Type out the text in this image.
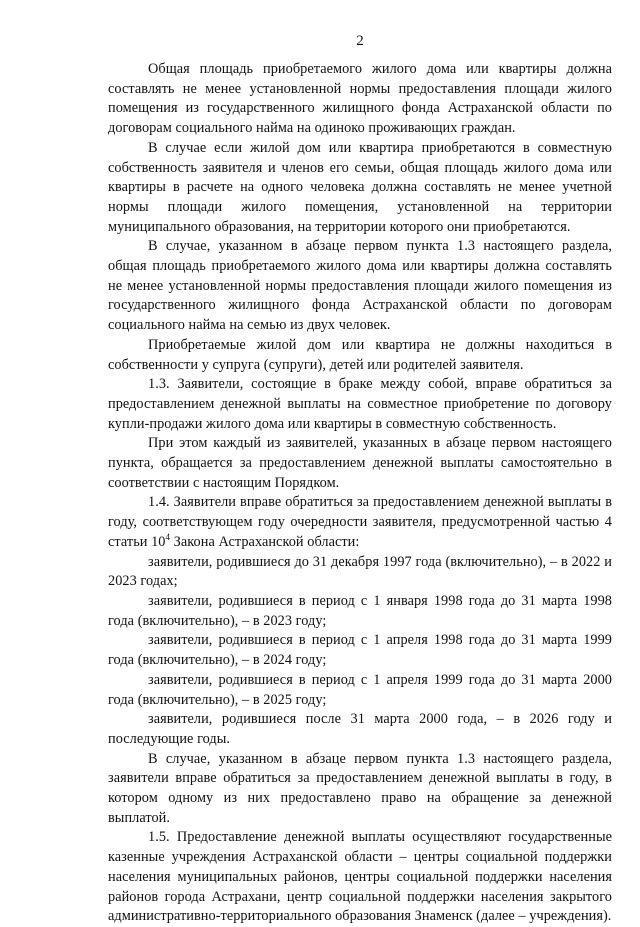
2

Общая площадь приобретаемого жилого дома или квартиры должна составлять не менее установленной нормы предоставления площади жилого помещения из государственного жилищного фонда Астраханской области по договорам социального найма на одиноко проживающих граждан.

В случае если жилой дом или квартира приобретаются в совместную собственность заявителя и членов его семьи, общая площадь жилого дома или квартиры в расчете на одного человека должна составлять не менее учетной нормы площади жилого помещения, установленной на территории муниципального образования, на территории которого они приобретаются.

В случае, указанном в абзаце первом пункта 1.3 настоящего раздела, общая площадь приобретаемого жилого дома или квартиры должна составлять не менее установленной нормы предоставления площади жилого помещения из государственного жилищного фонда Астраханской области по договорам социального найма на семью из двух человек.

Приобретаемые жилой дом или квартира не должны находиться в собственности у супруга (супруги), детей или родителей заявителя.

1.3. Заявители, состоящие в браке между собой, вправе обратиться за предоставлением денежной выплаты на совместное приобретение по договору купли-продажи жилого дома или квартиры в совместную собственность.

При этом каждый из заявителей, указанных в абзаце первом настоящего пункта, обращается за предоставлением денежной выплаты самостоятельно в соответствии с настоящим Порядком.

1.4. Заявители вправе обратиться за предоставлением денежной выплаты в году, соответствующем году очередности заявителя, предусмотренной частью 4 статьи $10^4$ Закона Астраханской области:

заявители, родившиеся до 31 декабря 1997 года (включительно), – в 2022 и 2023 годах;

заявители, родившиеся в период с 1 января 1998 года до 31 марта 1998 года (включительно), – в 2023 году;

заявители, родившиеся в период с 1 апреля 1998 года до 31 марта 1999 года (включительно), – в 2024 году;

заявители, родившиеся в период с 1 апреля 1999 года до 31 марта 2000 года (включительно), – в 2025 году;

заявители, родившиеся после 31 марта 2000 года, – в 2026 году и последующие годы.

В случае, указанном в абзаце первом пункта 1.3 настоящего раздела, заявители вправе обратиться за предоставлением денежной выплаты в году, в котором одному из них предоставлено право на обращение за денежной выплатой.

1.5. Предоставление денежной выплаты осуществляют государственные казенные учреждения Астраханской области – центры социальной поддержки населения муниципальных районов, центры социальной поддержки населения районов города Астрахани, центр социальной поддержки населения закрытого административно-территориального образования Знаменск (далее – учреждения).
